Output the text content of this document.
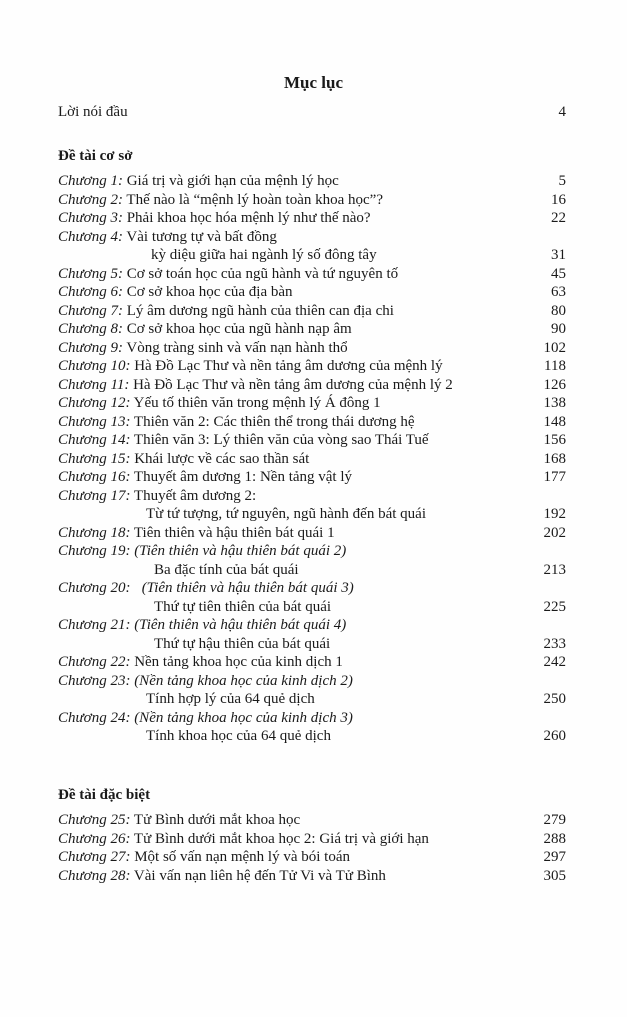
Mục lục
Lời nói đầu	4
Đề tài cơ sở
Chương 1: Giá trị và giới hạn của mệnh lý học	5
Chương 2: Thế nào là “mệnh lý hoàn toàn khoa học”?	16
Chương 3: Phải khoa học hóa mệnh lý như thế nào?	22
Chương 4: Vài tương tự và bất đồng
kỳ diệu giữa hai ngành lý số đông tây	31
Chương 5: Cơ sở toán học của ngũ hành và tứ nguyên tố	45
Chương 6: Cơ sở khoa học của địa bàn	63
Chương 7: Lý âm dương ngũ hành của thiên can địa chi	80
Chương 8: Cơ sở khoa học của ngũ hành nạp âm	90
Chương 9: Vòng tràng sinh và vấn nạn hành thổ	102
Chương 10: Hà Đồ Lạc Thư và nền tảng âm dương của mệnh lý	118
Chương 11: Hà Đồ Lạc Thư và nền tảng âm dương của mệnh lý 2	126
Chương 12: Yếu tố thiên văn trong mệnh lý Á đông 1	138
Chương 13: Thiên văn 2: Các thiên thể trong thái dương hệ	148
Chương 14: Thiên văn 3: Lý thiên văn của vòng sao Thái Tuế	156
Chương 15: Khái lược về các sao thần sát	168
Chương 16: Thuyết âm dương 1: Nền tảng vật lý	177
Chương 17: Thuyết âm dương 2:
Từ tứ tượng, tứ nguyên, ngũ hành đến bát quái	192
Chương 18: Tiên thiên và hậu thiên bát quái 1	202
Chương 19: (Tiên thiên và hậu thiên bát quái 2)
Ba đặc tính của bát quái	213
Chương 20:   (Tiên thiên và hậu thiên bát quái 3)
Thứ tự tiên thiên của bát quái	225
Chương 21: (Tiên thiên và hậu thiên bát quái 4)
Thứ tự hậu thiên của bát quái	233
Chương 22: Nền tảng khoa học của kinh dịch 1	242
Chương 23: (Nền tảng khoa học của kinh dịch 2)
Tính hợp lý của 64 quẻ dịch	250
Chương 24: (Nền tảng khoa học của kinh dịch 3)
Tính khoa học của 64 quẻ dịch	260
Đề tài đặc biệt
Chương 25: Tử Bình dưới mắt khoa học	279
Chương 26: Tử Bình dưới mắt khoa học 2: Giá trị và giới hạn	288
Chương 27: Một số vấn nạn mệnh lý và bói toán	297
Chương 28: Vài vấn nạn liên hệ đến Tử Vi và Tử Bình	305
